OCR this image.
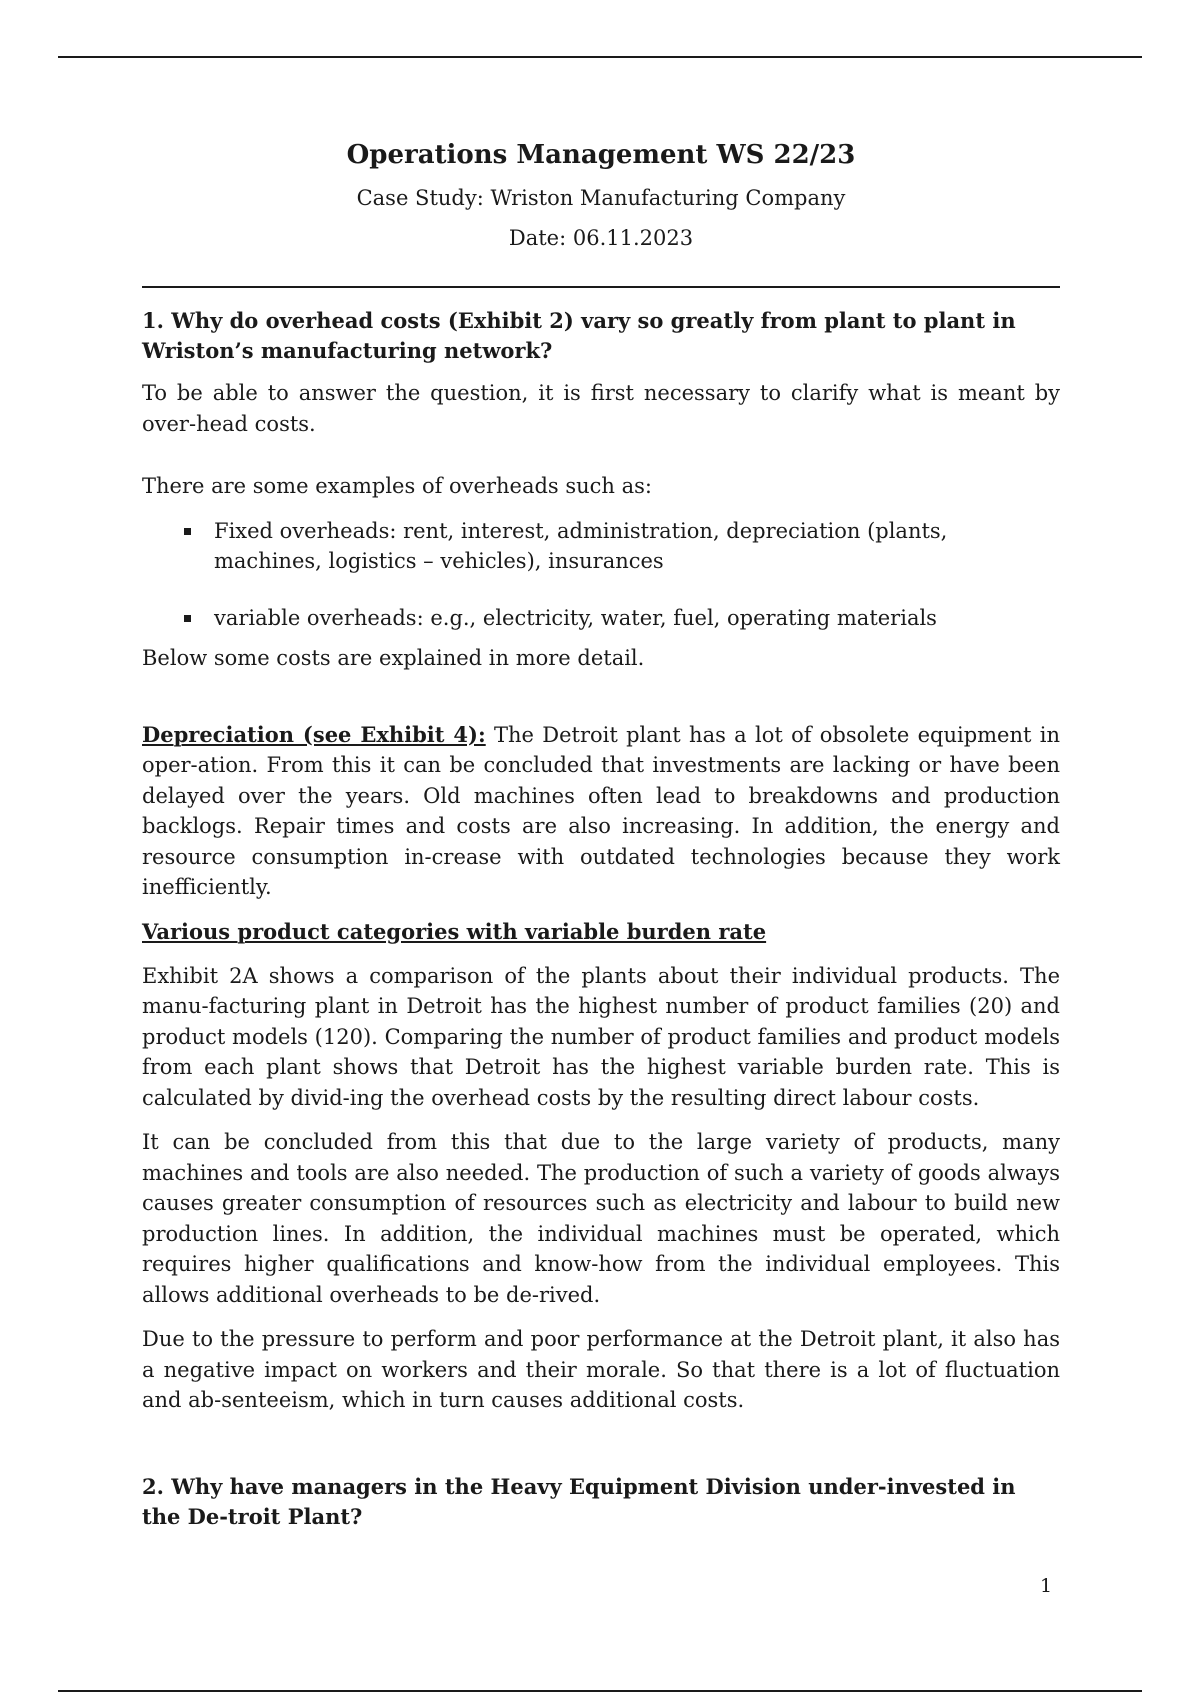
Operations Management WS 22/23
Case Study: Wriston Manufacturing Company
Date: 06.11.2023
1. Why do overhead costs (Exhibit 2) vary so greatly from plant to plant in Wriston’s manufacturing network?

To be able to answer the question, it is first necessary to clarify what is meant by over-head costs.

There are some examples of overheads such as:

Fixed overheads: rent, interest, administration, depreciation (plants, machines, logistics – vehicles), insurances
variable overheads: e.g., electricity, water, fuel, operating materials

Below some costs are explained in more detail.

Depreciation (see Exhibit 4): The Detroit plant has a lot of obsolete equipment in oper-ation. From this it can be concluded that investments are lacking or have been delayed over the years. Old machines often lead to breakdowns and production backlogs. Repair times and costs are also increasing. In addition, the energy and resource consumption in-crease with outdated technologies because they work inefficiently.

Various product categories with variable burden rate

Exhibit 2A shows a comparison of the plants about their individual products. The manu-facturing plant in Detroit has the highest number of product families (20) and product models (120). Comparing the number of product families and product models from each plant shows that Detroit has the highest variable burden rate. This is calculated by divid-ing the overhead costs by the resulting direct labour costs.

It can be concluded from this that due to the large variety of products, many machines and tools are also needed. The production of such a variety of goods always causes greater consumption of resources such as electricity and labour to build new production lines. In addition, the individual machines must be operated, which requires higher qualifications and know-how from the individual employees. This allows additional overheads to be de-rived.

Due to the pressure to perform and poor performance at the Detroit plant, it also has a negative impact on workers and their morale. So that there is a lot of fluctuation and ab-senteeism, which in turn causes additional costs.

2. Why have managers in the Heavy Equipment Division under-invested in the De-troit Plant?
1
